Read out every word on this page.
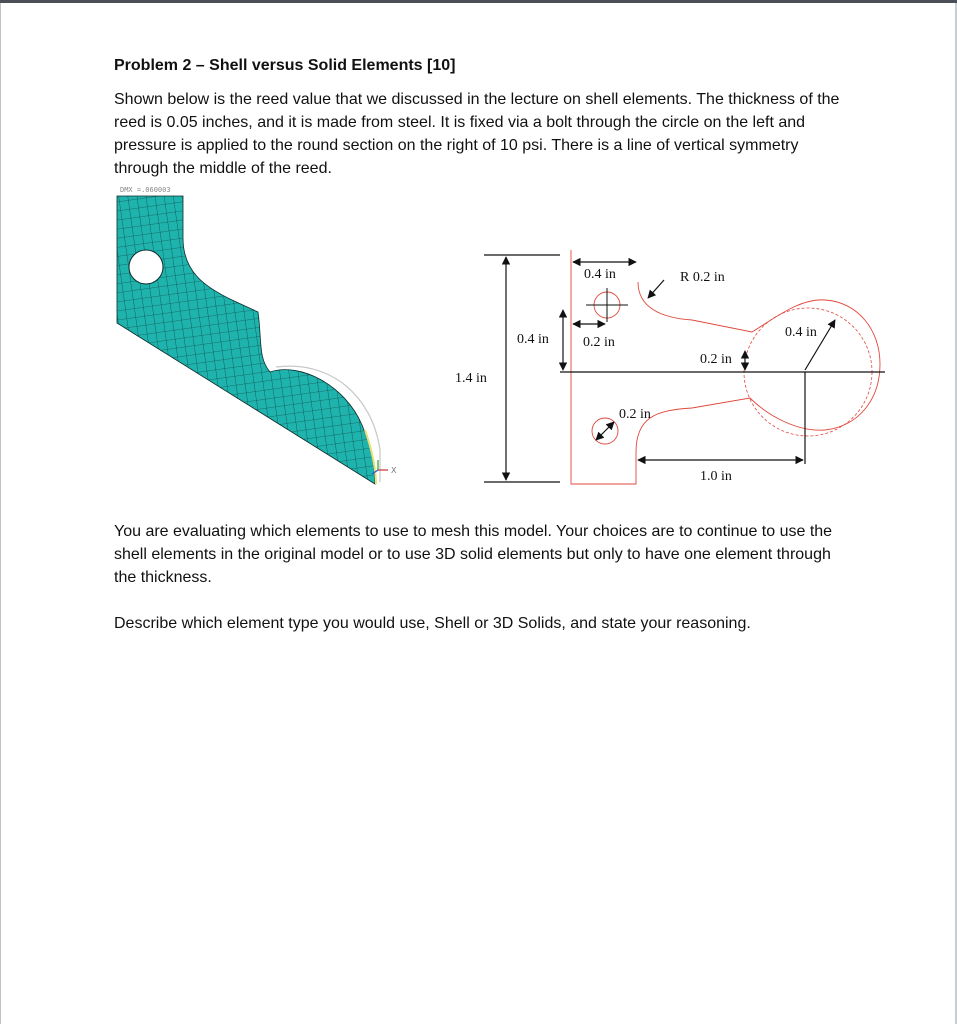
Problem 2 – Shell versus Solid Elements [10]
Shown below is the reed value that we discussed in the lecture on shell elements. The thickness of the reed is 0.05 inches, and it is made from steel. It is fixed via a bolt through the circle on the left and pressure is applied to the round section on the right of 10 psi. There is a line of vertical symmetry through the middle of the reed.
DMX =.060003
X
1.4 in
0.4 in	R 0.2 in
0.4 in 0.2 in
0.2 in
0.4 in
0.2 in
1.0 in
You are evaluating which elements to use to mesh this model. Your choices are to continue to use the shell elements in the original model or to use 3D solid elements but only to have one element through the thickness.
Describe which element type you would use, Shell or 3D Solids, and state your reasoning.
